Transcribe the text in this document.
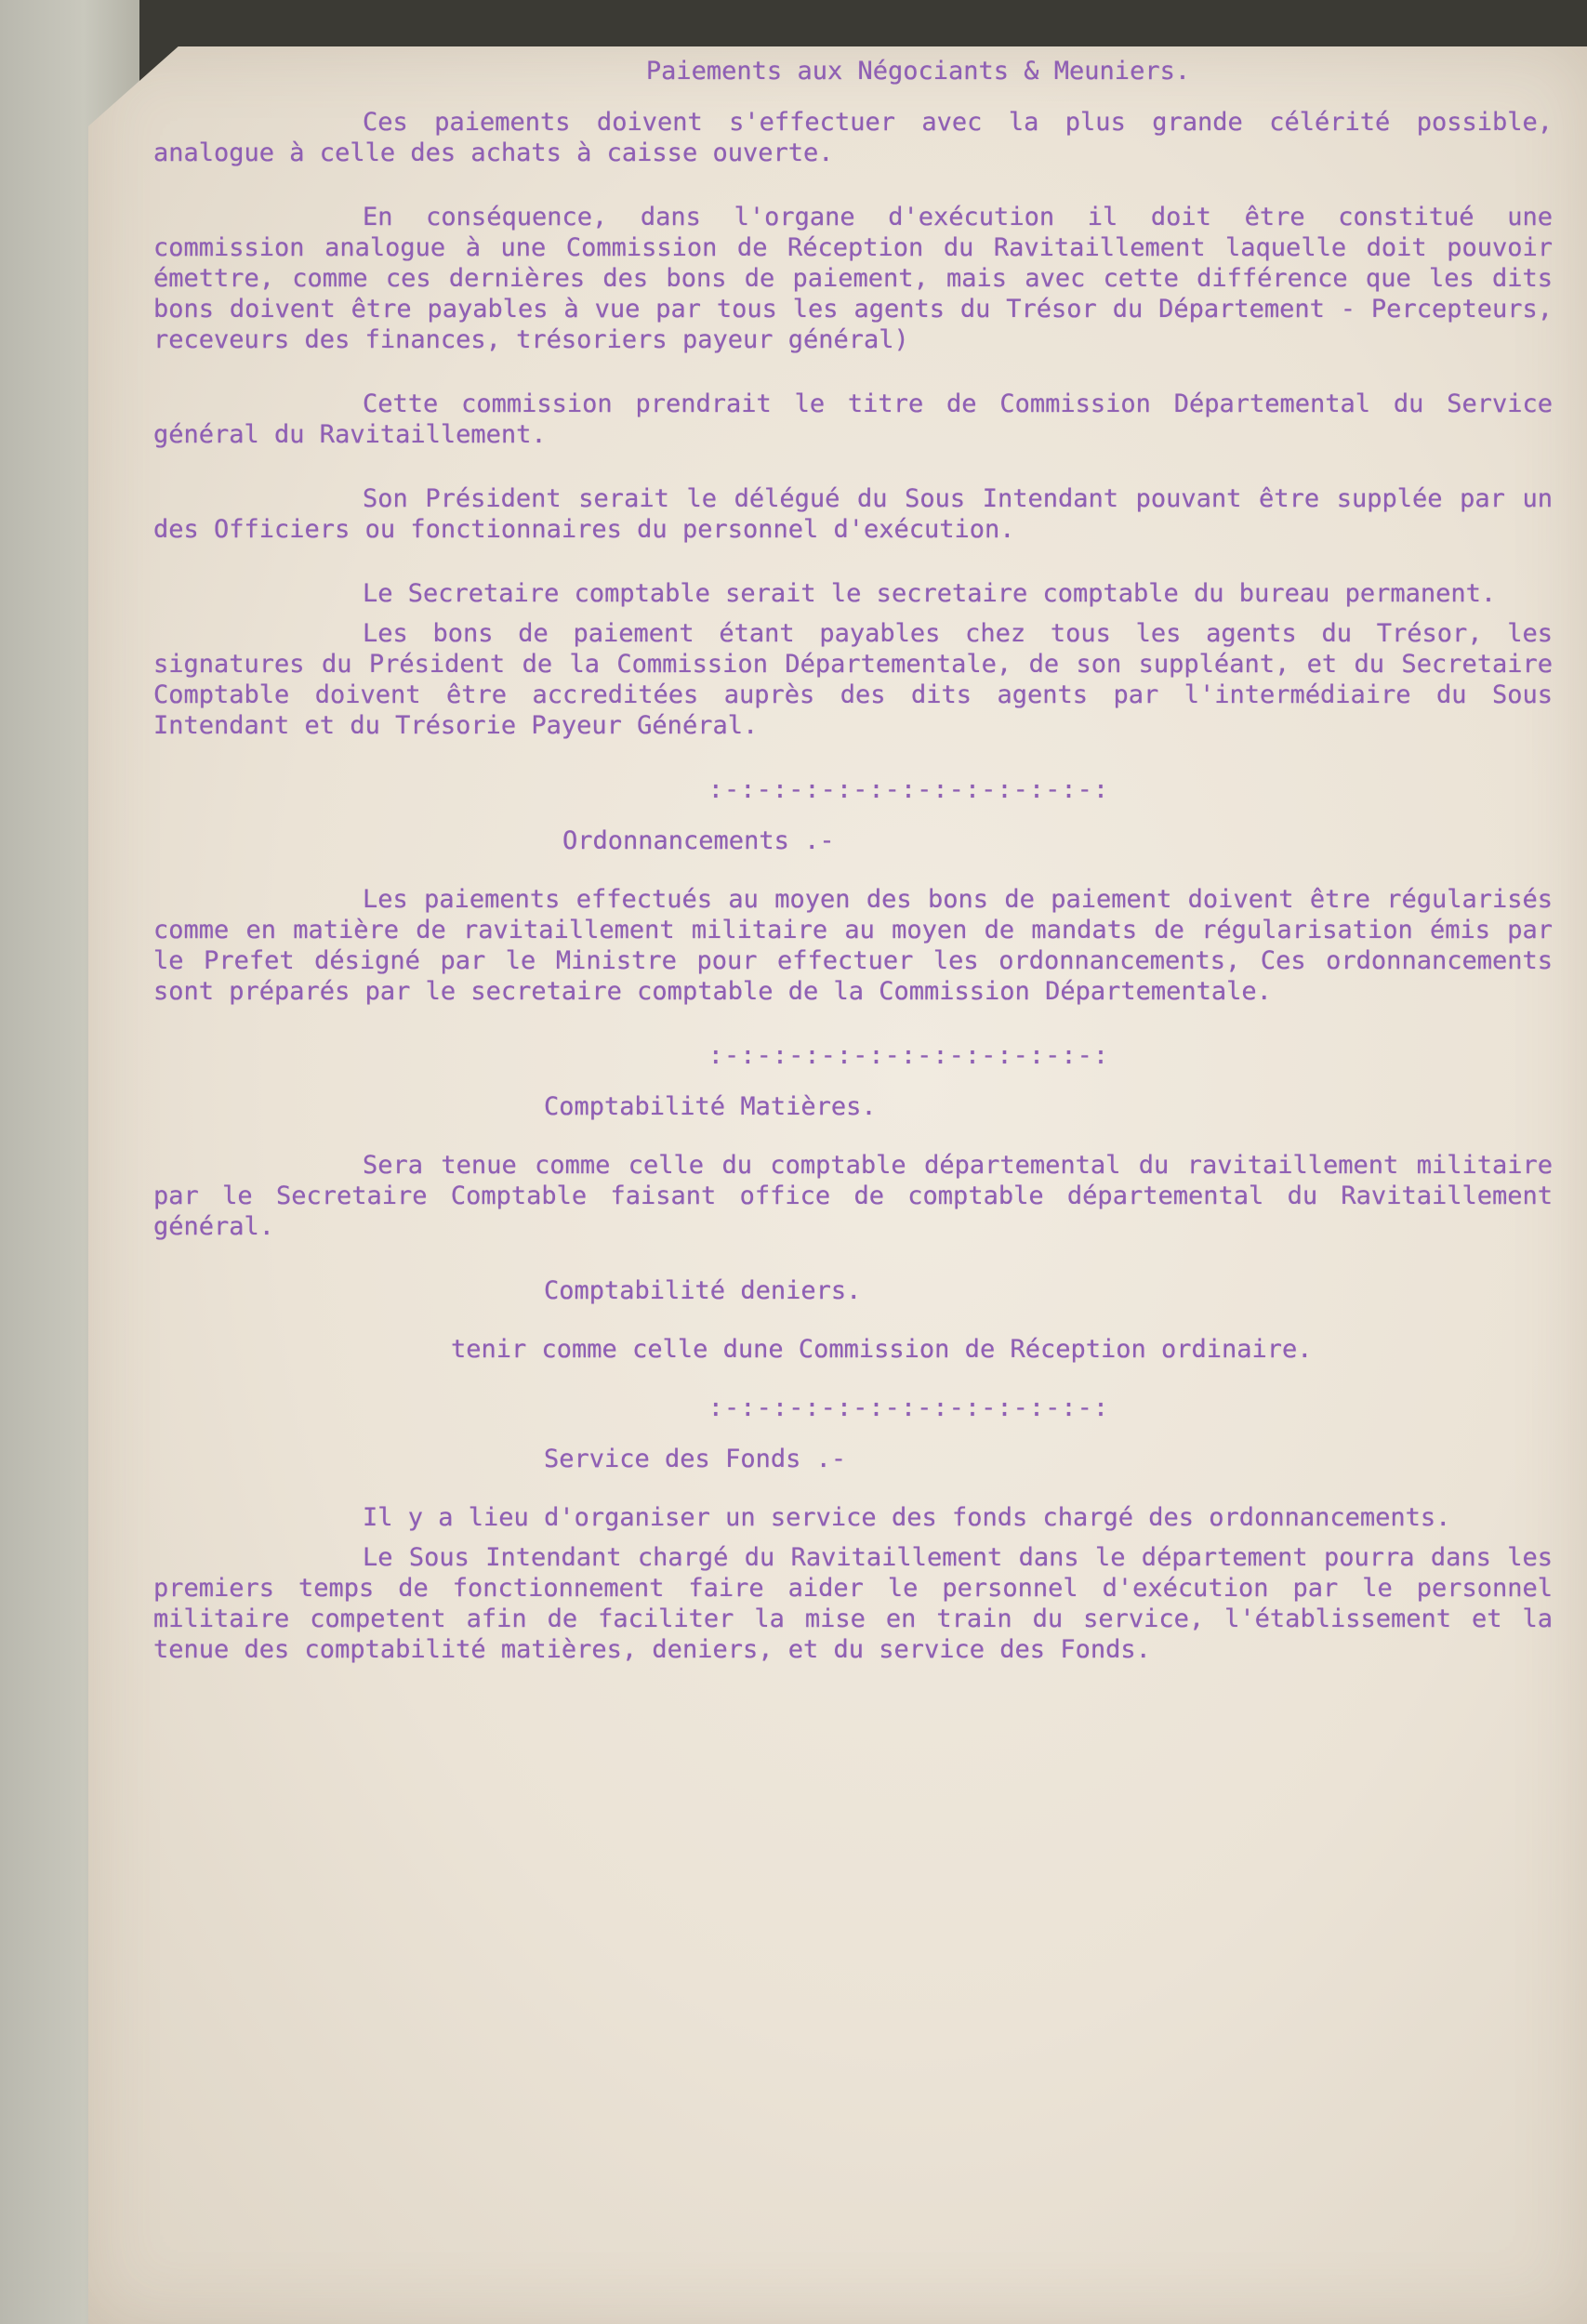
Paiements aux Négociants & Meuniers.

Ces paiements doivent s'effectuer avec la plus grande célérité possible, analogue à celle des achats à caisse ouverte.

En conséquence, dans l'organe d'exécution il doit être constitué une commission analogue à une Commission de Réception du Ravitaillement laquelle doit pouvoir émettre, comme ces dernières des bons de paiement, mais avec cette différence que les dits bons doivent être payables à vue par tous les agents du Trésor du Département - Percepteurs, receveurs des finances, trésoriers payeur général)

Cette commission prendrait le titre de Commission Départemental du Service général du Ravitaillement.

Son Président serait le délégué du Sous Intendant pouvant être supplée par un des Officiers ou fonctionnaires du personnel d'exécution.

Le Secretaire comptable serait le secretaire comptable du bureau permanent.

Les bons de paiement étant payables chez tous les agents du Trésor, les signatures du Président de la Commission Départementale, de son suppléant, et du Secretaire Comptable doivent être accreditées auprès des dits agents par l'intermédiaire du Sous Intendant et du Trésorie Payeur Général.

:-:-:-:-:-:-:-:-:-:-:-:-:

Ordonnancements .-

Les paiements effectués au moyen des bons de paiement doivent être régularisés comme en matière de ravitaillement militaire au moyen de mandats de régularisation émis par le Prefet désigné par le Ministre pour effectuer les ordonnancements, Ces ordonnancements sont préparés par le secretaire comptable de la Commission Départementale.

:-:-:-:-:-:-:-:-:-:-:-:-:

Comptabilité Matières.

Sera tenue comme celle du comptable départemental du ravitaillement militaire par le Secretaire Comptable faisant office de comptable départemental du Ravitaillement général.

Comptabilité deniers.

tenir comme celle dune Commission de Réception ordinaire.

:-:-:-:-:-:-:-:-:-:-:-:-:

Service des Fonds .-

Il y a lieu d'organiser un service des fonds chargé des ordonnancements.

Le Sous Intendant chargé du Ravitaillement dans le département pourra dans les premiers temps de fonctionnement faire aider le personnel d'exécution par le personnel militaire competent afin de faciliter la mise en train du service, l'établissement et la tenue des comptabilité matières, deniers, et du service des Fonds.
